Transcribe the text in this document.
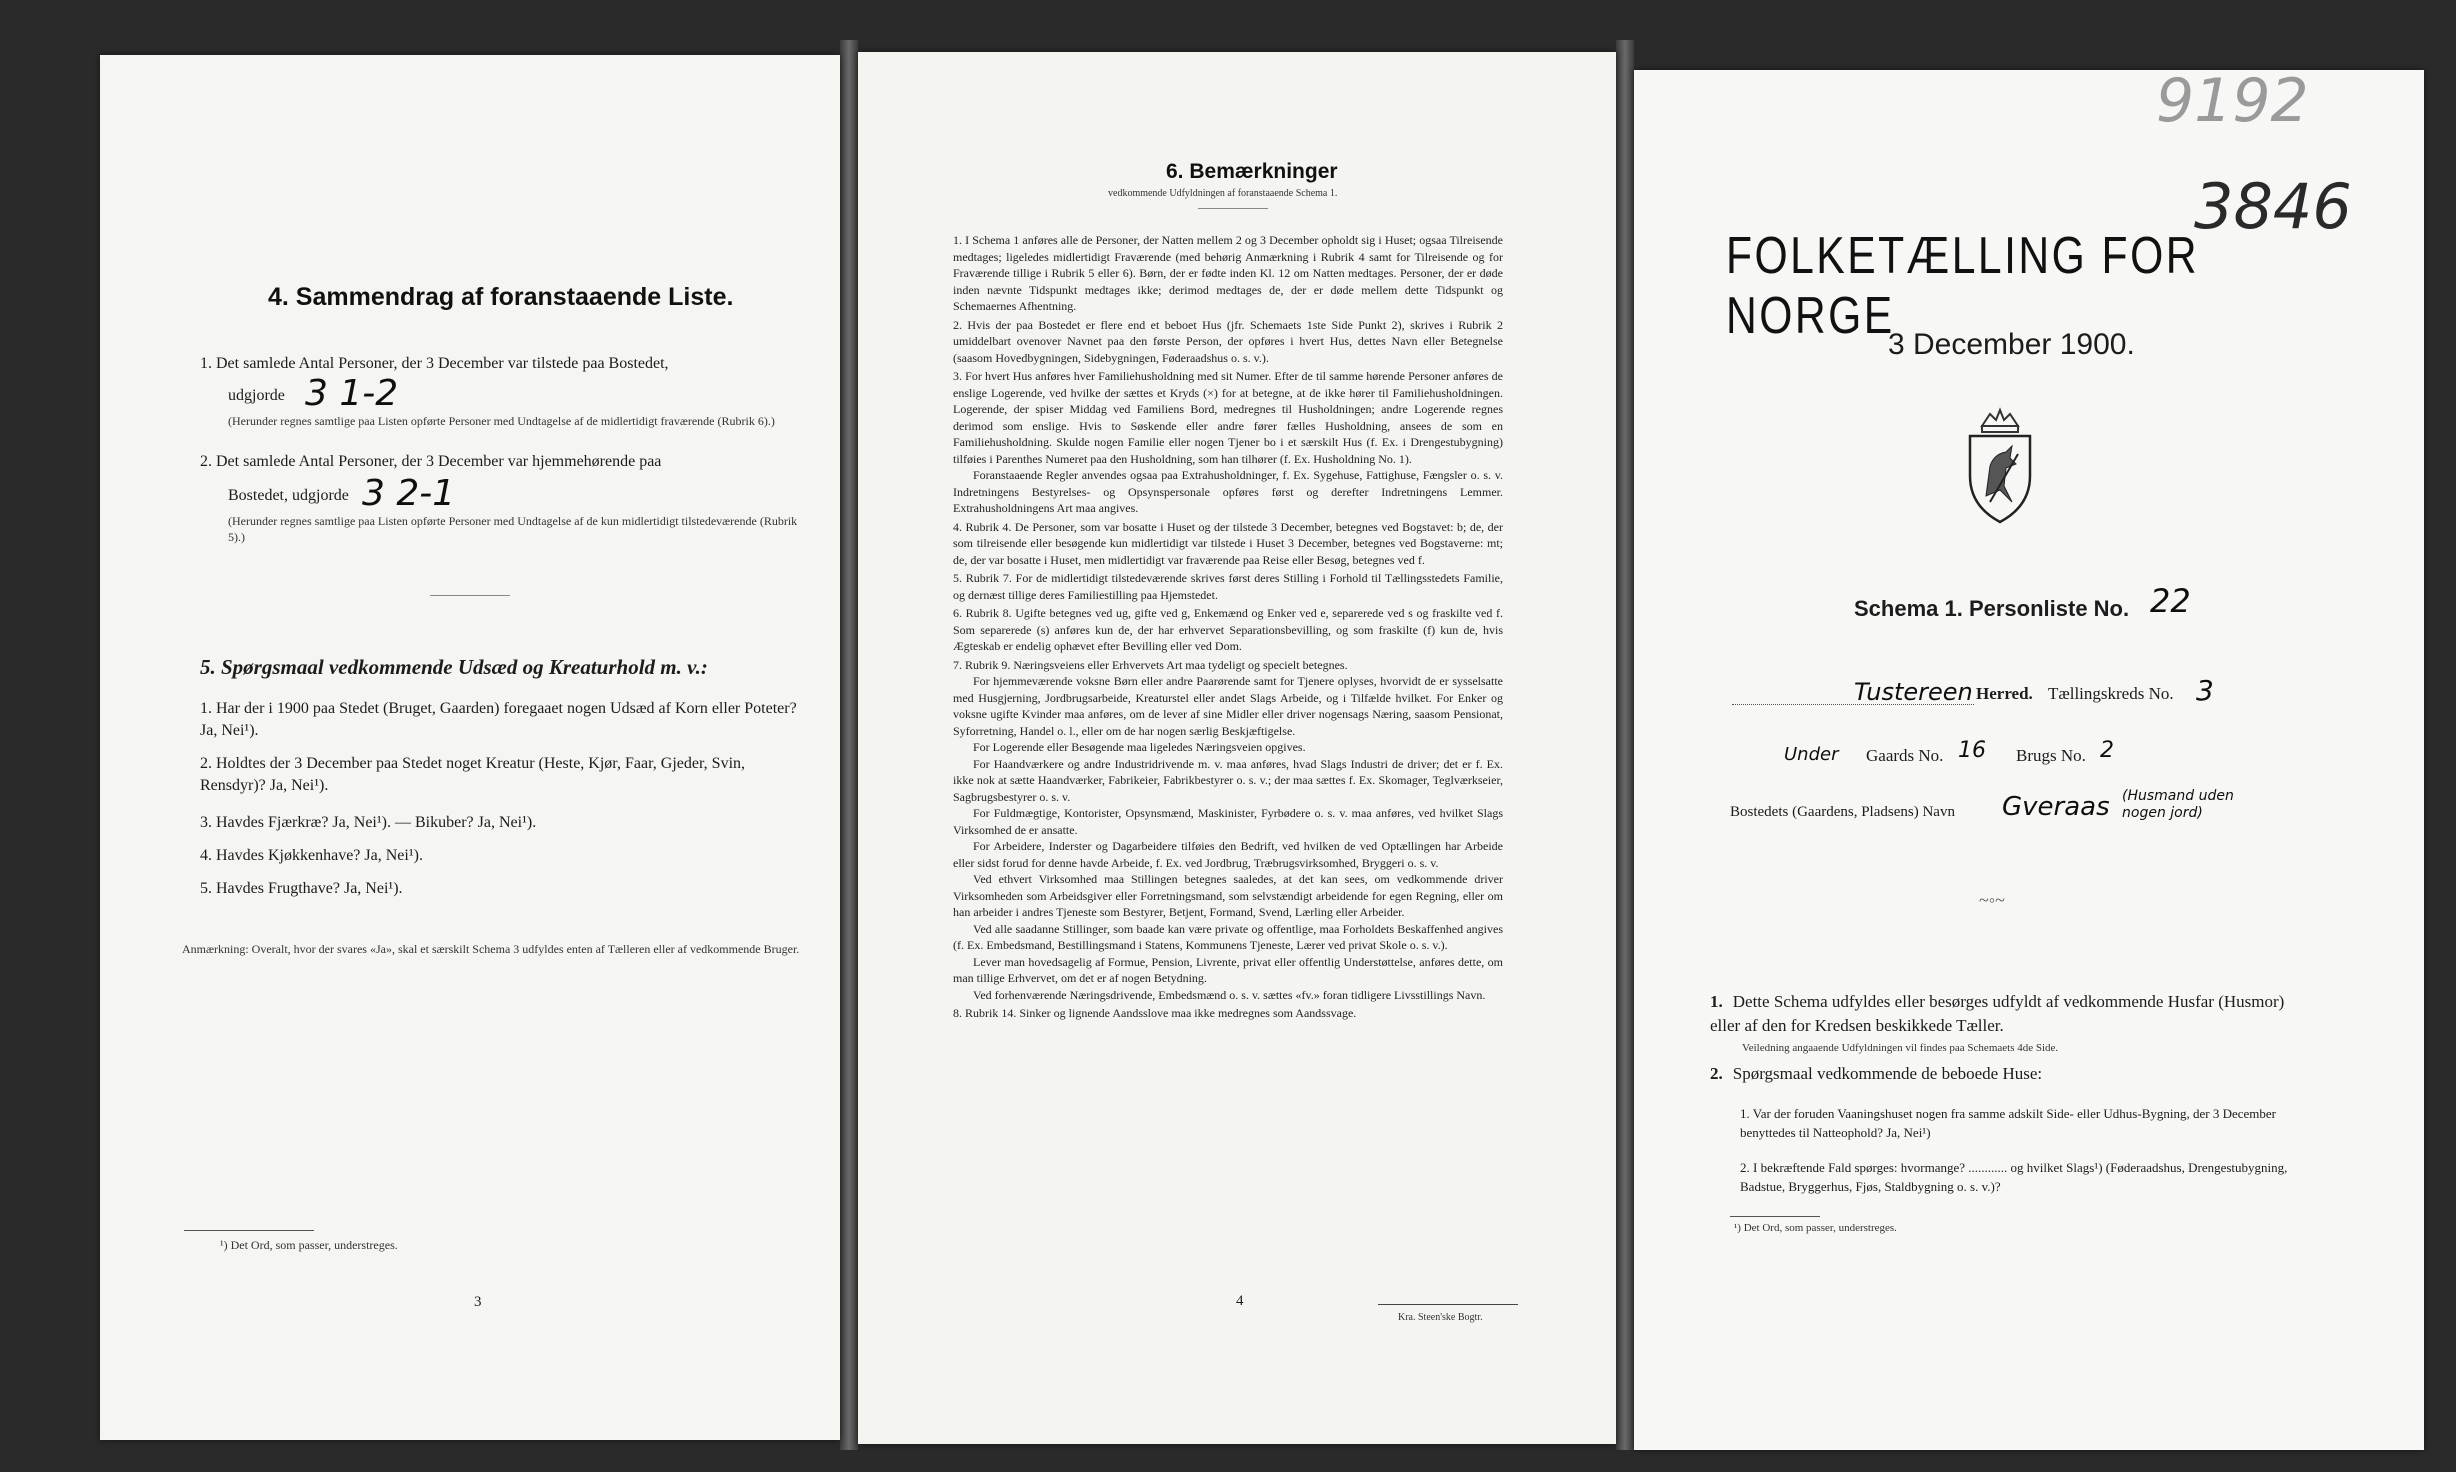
4. Sammendrag af foranstaaende Liste.
1. Det samlede Antal Personer, der 3 December var tilstede paa Bostedet,
udgjorde 3 1-2
(Herunder regnes samtlige paa Listen opførte Personer med Undtagelse af de midlertidigt fraværende (Rubrik 6).)
2. Det samlede Antal Personer, der 3 December var hjemmehørende paa
Bostedet, udgjorde 3 2-1
(Herunder regnes samtlige paa Listen opførte Personer med Undtagelse af de kun midlertidigt tilstedeværende (Rubrik 5).)
5. Spørgsmaal vedkommende Udsæd og Kreaturhold m. v.:
1. Har der i 1900 paa Stedet (Bruget, Gaarden) foregaaet nogen Udsæd af Korn eller Poteter? Ja, Nei¹).
2. Holdtes der 3 December paa Stedet noget Kreatur (Heste, Kjør, Faar, Gjeder, Svin, Rensdyr)? Ja, Nei¹).
3. Havdes Fjærkræ? Ja, Nei¹). — Bikuber? Ja, Nei¹).
4. Havdes Kjøkkenhave? Ja, Nei¹).
5. Havdes Frugthave? Ja, Nei¹).
Anmærkning: Overalt, hvor der svares «Ja», skal et særskilt Schema 3 udfyldes enten af Tælleren eller af vedkommende Bruger.
¹) Det Ord, som passer, understreges.
3
6. Bemærkninger
vedkommende Udfyldningen af foranstaaende Schema 1.
1. I Schema 1 anføres alle de Personer, der Natten mellem 2 og 3 December opholdt sig i Huset; ogsaa Tilreisende medtages; ligeledes midlertidigt Fraværende (med behørig Anmærkning i Rubrik 4 samt for Tilreisende og for Fraværende tillige i Rubrik 5 eller 6). Børn, der er fødte inden Kl. 12 om Natten medtages. Personer, der er døde inden nævnte Tidspunkt medtages ikke; derimod medtages de, der er døde mellem dette Tidspunkt og Schemaernes Afhentning.
2. Hvis der paa Bostedet er flere end et beboet Hus (jfr. Schemaets 1ste Side Punkt 2), skrives i Rubrik 2 umiddelbart ovenover Navnet paa den første Person, der opføres i hvert Hus, dettes Navn eller Betegnelse (saasom Hovedbygningen, Sidebygningen, Føderaadshus o. s. v.).
3. For hvert Hus anføres hver Familiehusholdning med sit Numer. Efter de til samme hørende Personer anføres de enslige Logerende, ved hvilke der sættes et Kryds (×) for at betegne, at de ikke hører til Familiehusholdningen. Logerende, der spiser Middag ved Familiens Bord, medregnes til Husholdningen; andre Logerende regnes derimod som enslige. Hvis to Søskende eller andre fører fælles Husholdning, ansees de som en Familiehusholdning. Skulde nogen Familie eller nogen Tjener bo i et særskilt Hus (f. Ex. i Drengestubygning) tilføies i Parenthes Numeret paa den Husholdning, som han tilhører (f. Ex. Husholdning No. 1).
Foranstaaende Regler anvendes ogsaa paa Extrahusholdninger, f. Ex. Sygehuse, Fattighuse, Fængsler o. s. v. Indretningens Bestyrelses- og Opsynspersonale opføres først og derefter Indretningens Lemmer. Extrahusholdningens Art maa angives.
4. Rubrik 4. De Personer, som var bosatte i Huset og der tilstede 3 December, betegnes ved Bogstavet: b; de, der som tilreisende eller besøgende kun midlertidigt var tilstede i Huset 3 December, betegnes ved Bogstaverne: mt; de, der var bosatte i Huset, men midlertidigt var fraværende paa Reise eller Besøg, betegnes ved f.
5. Rubrik 7. For de midlertidigt tilstedeværende skrives først deres Stilling i Forhold til Tællingsstedets Familie, og dernæst tillige deres Familiestilling paa Hjemstedet.
6. Rubrik 8. Ugifte betegnes ved ug, gifte ved g, Enkemænd og Enker ved e, separerede ved s og fraskilte ved f. Som separerede (s) anføres kun de, der har erhvervet Separationsbevilling, og som fraskilte (f) kun de, hvis Ægteskab er endelig ophævet efter Bevilling eller ved Dom.
7. Rubrik 9. Næringsveiens eller Erhvervets Art maa tydeligt og specielt betegnes.
For hjemmeværende voksne Børn eller andre Paarørende samt for Tjenere oplyses, hvorvidt de er sysselsatte med Husgjerning, Jordbrugsarbeide, Kreaturstel eller andet Slags Arbeide, og i Tilfælde hvilket. For Enker og voksne ugifte Kvinder maa anføres, om de lever af sine Midler eller driver nogensags Næring, saasom Pensionat, Syforretning, Handel o. l., eller om de har nogen særlig Beskjæftigelse.
For Logerende eller Besøgende maa ligeledes Næringsveien opgives.
For Haandværkere og andre Industridrivende m. v. maa anføres, hvad Slags Industri de driver; det er f. Ex. ikke nok at sætte Haandværker, Fabrikeier, Fabrikbestyrer o. s. v.; der maa sættes f. Ex. Skomager, Teglværkseier, Sagbrugsbestyrer o. s. v.
For Fuldmægtige, Kontorister, Opsynsmænd, Maskinister, Fyrbødere o. s. v. maa anføres, ved hvilket Slags Virksomhed de er ansatte.
For Arbeidere, Inderster og Dagarbeidere tilføies den Bedrift, ved hvilken de ved Optællingen har Arbeide eller sidst forud for denne havde Arbeide, f. Ex. ved Jordbrug, Træbrugsvirksomhed, Bryggeri o. s. v.
Ved ethvert Virksomhed maa Stillingen betegnes saaledes, at det kan sees, om vedkommende driver Virksomheden som Arbeidsgiver eller Forretningsmand, som selvstændigt arbeidende for egen Regning, eller om han arbeider i andres Tjeneste som Bestyrer, Betjent, Formand, Svend, Lærling eller Arbeider.
Ved alle saadanne Stillinger, som baade kan være private og offentlige, maa Forholdets Beskaffenhed angives (f. Ex. Embedsmand, Bestillingsmand i Statens, Kommunens Tjeneste, Lærer ved privat Skole o. s. v.).
Lever man hovedsagelig af Formue, Pension, Livrente, privat eller offentlig Understøttelse, anføres dette, om man tillige Erhvervet, om det er af nogen Betydning.
Ved forhenværende Næringsdrivende, Embedsmænd o. s. v. sættes «fv.» foran tidligere Livsstillings Navn.
8. Rubrik 14. Sinker og lignende Aandsslove maa ikke medregnes som Aandssvage.
4
Kra. Steen'ske Bogtr.
9192
3846
FOLKETÆLLING FOR NORGE
3 December 1900.
Schema 1. Personliste No. 22
Tustereen Herred. Tællingskreds No. 3
Under Gaards No. 16 Brugs No. 2
Bostedets (Gaardens, Pladsens) Navn Gveraas (Husmand uden nogen jord)
~◦~
1. Dette Schema udfyldes eller besørges udfyldt af vedkommende Husfar (Husmor) eller af den for Kredsen beskikkede Tæller.
Veiledning angaaende Udfyldningen vil findes paa Schemaets 4de Side.
2. Spørgsmaal vedkommende de beboede Huse:
1. Var der foruden Vaaningshuset nogen fra samme adskilt Side- eller Udhus-Bygning, der 3 December benyttedes til Natteophold? Ja, Nei¹)
2. I bekræftende Fald spørges: hvormange? ............ og hvilket Slags¹) (Føderaadshus, Drengestubygning, Badstue, Bryggerhus, Fjøs, Staldbygning o. s. v.)?
¹) Det Ord, som passer, understreges.
